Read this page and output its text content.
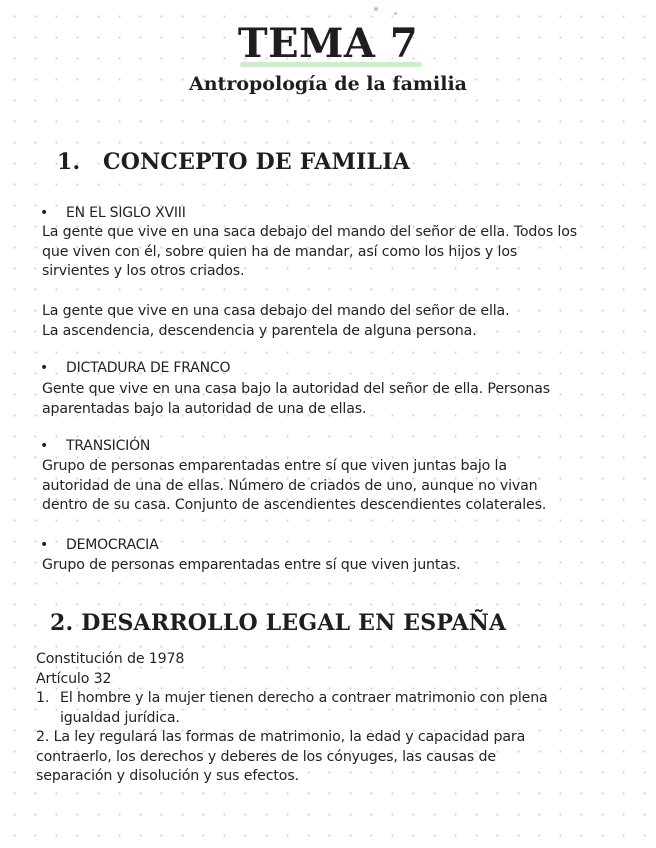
TEMA 7
Antropología de la familia
1. CONCEPTO DE FAMILIA

• EN EL SIGLO XVIII

La gente que vive en una saca debajo del mando del señor de ella. Todos los
que viven con él, sobre quien ha de mandar, así como los hijos y los
sirvientes y los otros criados.

La gente que vive en una casa debajo del mando del señor de ella.
La ascendencia, descendencia y parentela de alguna persona.

• DICTADURA DE FRANCO

Gente que vive en una casa bajo la autoridad del señor de ella. Personas
aparentadas bajo la autoridad de una de ellas.

• TRANSICIÓN

Grupo de personas emparentadas entre sí que viven juntas bajo la
autoridad de una de ellas. Número de criados de uno, aunque no vivan
dentro de su casa. Conjunto de ascendientes descendientes colaterales.

• DEMOCRACIA

Grupo de personas emparentadas entre sí que viven juntas.

2. DESARROLLO LEGAL EN ESPAÑA

Constitución de 1978
Artículo 32

1. El hombre y la mujer tienen derecho a contraer matrimonio con plena
igualdad jurídica.

2. La ley regulará las formas de matrimonio, la edad y capacidad para
contraerlo, los derechos y deberes de los cónyuges, las causas de
separación y disolución y sus efectos.
